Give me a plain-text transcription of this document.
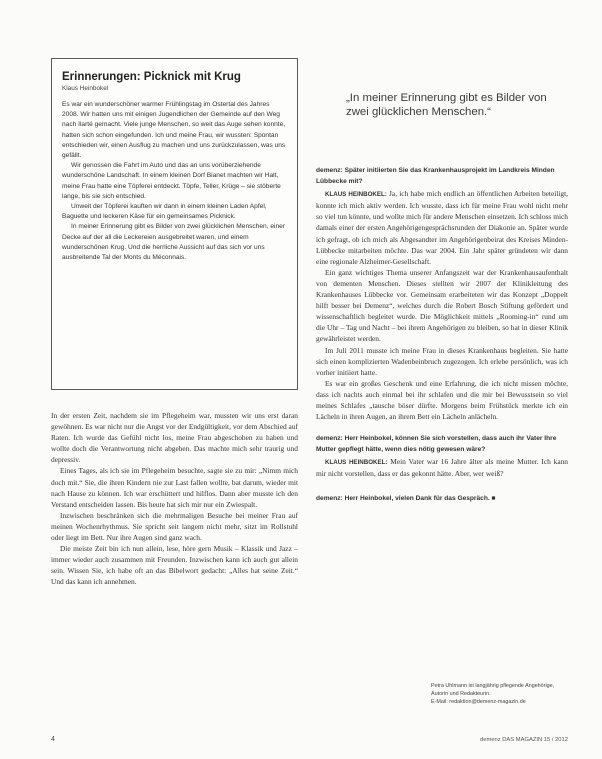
Erinnerungen: Picknick mit Krug
Klaus Heinbokel

Es war ein wunderschöner warmer Frühlingstag im Ostertal des Jahres 2008. Wir hatten uns mit einigen Jugendlichen der Gemeinde auf den Weg nach Ilarté gemacht. Viele junge Menschen, so weit das Auge sehen konnte, hatten sich schon eingefunden. Ich und meine Frau, wir wussten: Spontan entschieden wir, einen Ausflug zu machen und uns zurückzulassen, was uns gefällt.

Wir genossen die Fahrt im Auto und das an uns vorüberziehende wunderschöne Landschaft. In einem kleinen Dorf Bianet machten wir Halt, meine Frau hatte eine Töpferei entdeckt. Töpfe, Teller, Krüge – sie stöberte lange, bis sie sich entschied.

Unweit der Töpferei kauften wir dann in einem kleinen Laden Apfel, Baguette und leckeren Käse für ein gemeinsames Picknick.

In meiner Erinnerung gibt es Bilder von zwei glücklichen Menschen, einer Decke auf der all die Leckereien ausgebreitet waren, und einem wunderschönen Krug. Und die herrliche Aussicht auf das sich vor uns ausbreitende Tal der Monts du Méconnais.

In der ersten Zeit, nachdem sie im Pflegeheim war, mussten wir uns erst daran gewöhnen. Es war nicht nur die Angst vor der Endgültigkeit, vor dem Abschied auf Raten. Ich wurde das Gefühl nicht los, meine Frau abgeschoben zu haben und wollte doch die Verantwortung nicht abgeben. Das machte mich sehr traurig und depressiv.

Eines Tages, als ich sie im Pflegeheim besuchte, sagte sie zu mir: „Nimm mich doch mit.“ Sie, die ihren Kindern nie zur Last fallen wollte, bat darum, wieder mit nach Hause zu können. Ich war erschüttert und hilflos. Dann aber musste ich den Verstand entscheiden lassen. Bis heute hat sich mir nur ein Zwiespalt.

Inzwischen beschränken sich die mehrmaligen Besuche bei meiner Frau auf meinen Wochenrhythmus. Sie spricht seit langem nicht mehr, sitzt im Rollstuhl oder liegt im Bett. Nur ihre Augen sind ganz wach.

Die meiste Zeit bin ich nun allein, lese, höre gern Musik – Klassik und Jazz – immer wieder auch zusammen mit Freunden. Inzwischen kann ich auch gut allein sein. Wissen Sie, ich habe oft an das Bibelwort gedacht: „Alles hat seine Zeit.“ Und das kann ich annehmen.

„In meiner Erinnerung gibt es Bilder von zwei glücklichen Menschen.“

demenz: Später initiierten Sie das Krankenhausprojekt im Landkreis Minden Lübbecke mit?

KLAUS HEINBOKEL: Ja, ich habe mich endlich an öffentlichen Arbeiten beteiligt, konnte ich mich aktiv werden. Ich wusste, dass ich für meine Frau wohl nicht mehr so viel tun könnte, und wollte mich für andere Menschen einsetzen. Ich schloss mich damals einer der ersten Angehörigengesprächsrunden der Diakonie an. Später wurde ich gefragt, ob ich mich als Abgesandter im Angehörigenbeirat des Kreises Minden-Lübbecke mitarbeiten möchte. Das war 2004. Ein Jahr später gründeten wir dann eine regionale Alzheimer-Gesellschaft.

Ein ganz wichtiges Thema unserer Anfangszeit war der Krankenhausaufenthalt von dementen Menschen. Dieses stellten wir 2007 der Klinikleitung des Krankenhauses Lübbecke vor. Gemeinsam erarbeiteten wir das Konzept „Doppelt hilft besser bei Demenz“, welches durch die Robert Bosch Stiftung gefördert und wissenschaftlich begleitet wurde. Die Möglichkeit mittels „Rooming-in“ rund um die Uhr – Tag und Nacht – bei ihrem Angehörigen zu bleiben, so hat in dieser Klinik gewährleistet werden.

Im Juli 2011 musste ich meine Frau in dieses Krankenhaus begleiten. Sie hatte sich einen komplizierten Wadenbeinbruch zugezogen. Ich erlebe persönlich, was ich vorher initiiert hatte.

Es war ein großes Geschenk und eine Erfahrung, die ich nicht missen möchte, dass ich nachts auch einmal bei ihr schlafen und die mir bei Bewusstsein so viel meines Schlafes „tausche böser dürfte. Morgens beim Frühstück merkte ich ein Lächeln in ihren Augen, an ihrem Bett ein Lächeln anlächeln.

demenz: Herr Heinbokel, können Sie sich vorstellen, dass auch ihr Vater Ihre Mutter gepflegt hätte, wenn dies nötig gewesen wäre?

KLAUS HEINBOKEL: Mein Vater war 16 Jahre älter als meine Mutter. Ich kann mir nicht vorstellen, dass er das gekonnt hätte. Aber, wer weiß?

demenz: Herr Heinbokel, vielen Dank für das Gespräch. ■

Petra Uhlmann ist langjährig pflegende Angehörige,
Autorin und Redakteurin.
E-Mail: redaktion@demenz-magazin.de
4	demenz DAS MAGAZIN 15 / 2012
